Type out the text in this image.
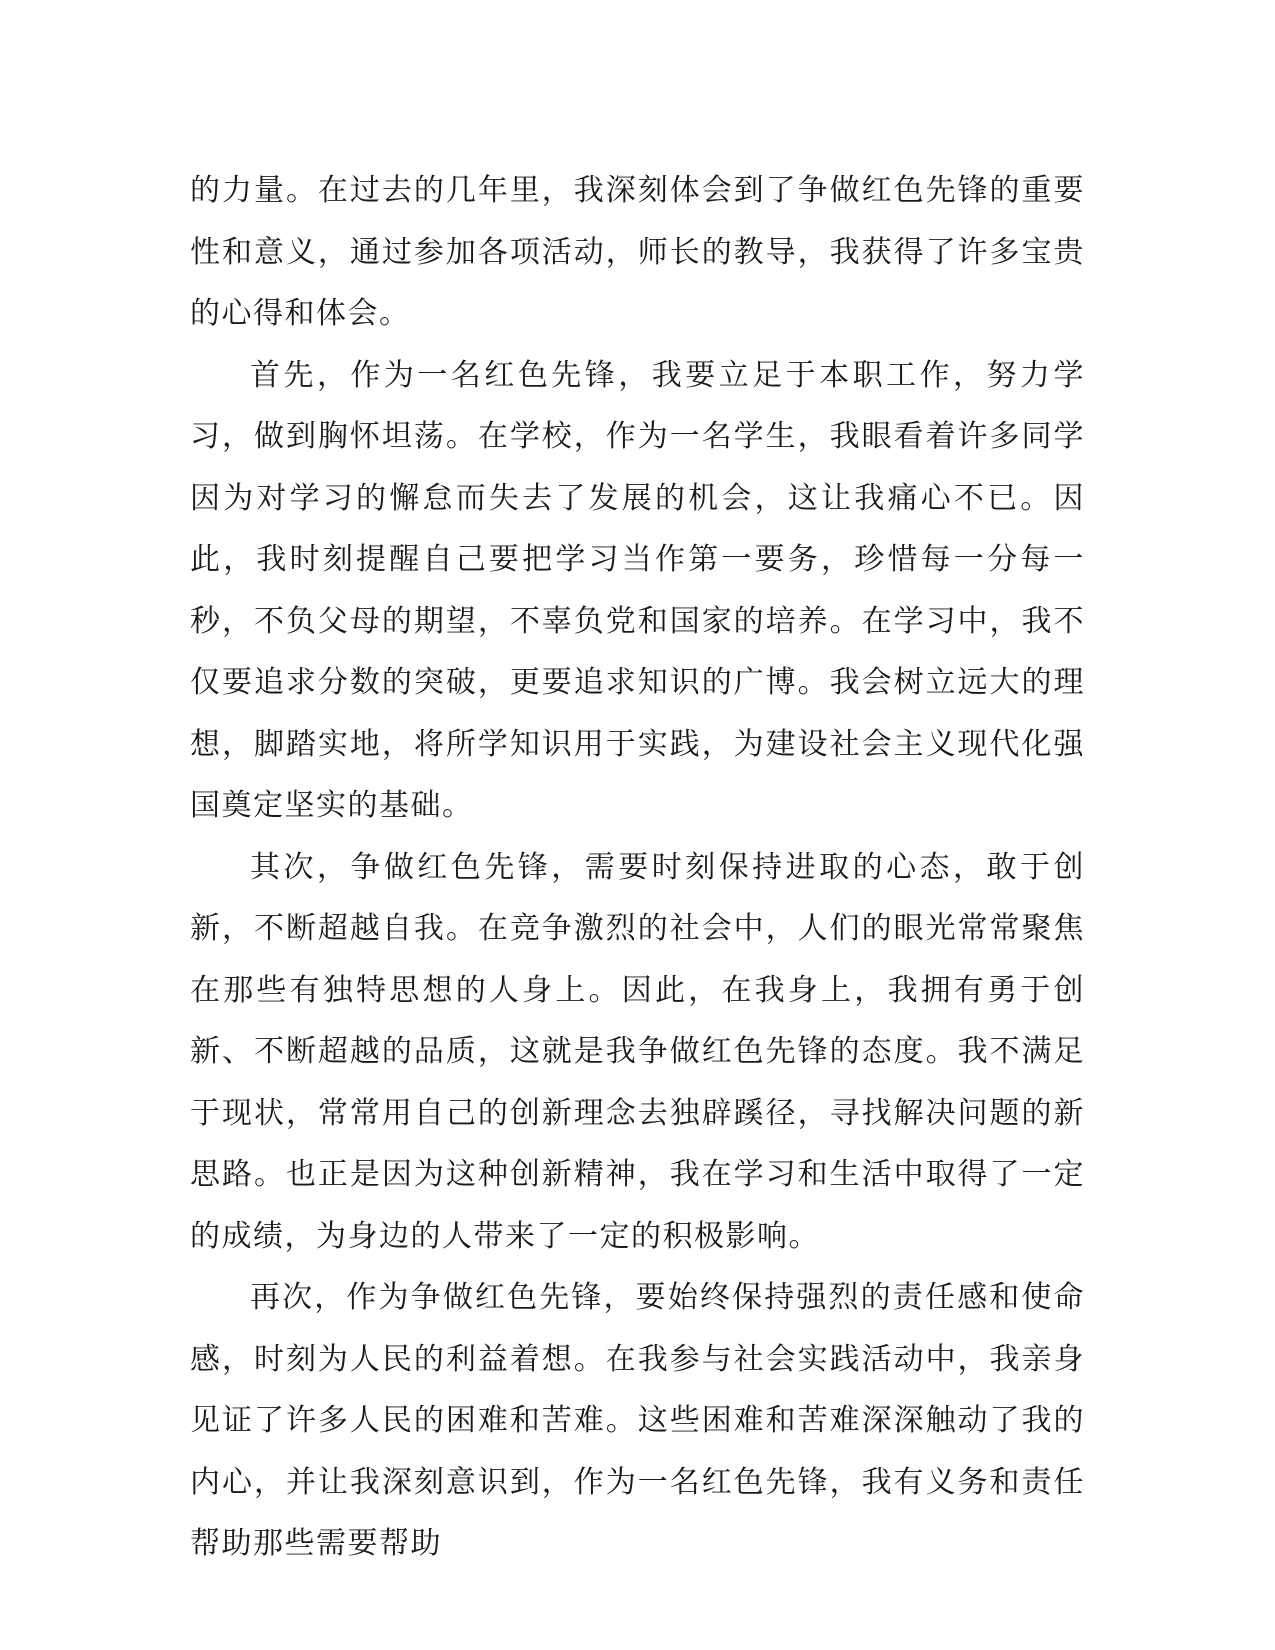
的力量。在过去的几年里，我深刻体会到了争做红色先锋的重要性和意义，通过参加各项活动，师长的教导，我获得了许多宝贵的心得和体会。

首先，作为一名红色先锋，我要立足于本职工作，努力学习，做到胸怀坦荡。在学校，作为一名学生，我眼看着许多同学因为对学习的懈怠而失去了发展的机会，这让我痛心不已。因此，我时刻提醒自己要把学习当作第一要务，珍惜每一分每一秒，不负父母的期望，不辜负党和国家的培养。在学习中，我不仅要追求分数的突破，更要追求知识的广博。我会树立远大的理想，脚踏实地，将所学知识用于实践，为建设社会主义现代化强国奠定坚实的基础。

其次，争做红色先锋，需要时刻保持进取的心态，敢于创新，不断超越自我。在竞争激烈的社会中，人们的眼光常常聚焦在那些有独特思想的人身上。因此，在我身上，我拥有勇于创新、不断超越的品质，这就是我争做红色先锋的态度。我不满足于现状，常常用自己的创新理念去独辟蹊径，寻找解决问题的新思路。也正是因为这种创新精神，我在学习和生活中取得了一定的成绩，为身边的人带来了一定的积极影响。

再次，作为争做红色先锋，要始终保持强烈的责任感和使命感，时刻为人民的利益着想。在我参与社会实践活动中，我亲身见证了许多人民的困难和苦难。这些困难和苦难深深触动了我的内心，并让我深刻意识到，作为一名红色先锋，我有义务和责任帮助那些需要帮助
